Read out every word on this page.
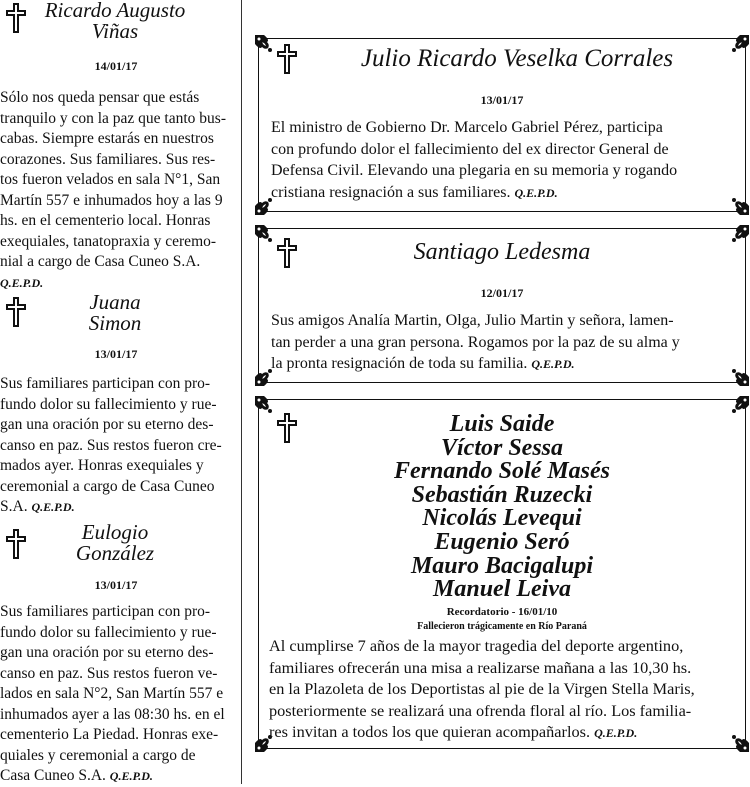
Ricardo Augusto
Viñas
14/01/17
Sólo nos queda pensar que estás
tranquilo y con la paz que tanto bus-
cabas. Siempre estarás en nuestros
corazones. Sus familiares. Sus res-
tos fueron velados en sala N°1, San
Martín 557 e inhumados hoy a las 9
hs. en el cementerio local. Honras
exequiales, tanatopraxia y ceremo-
nial a cargo de Casa Cuneo S.A.
Q.E.P.D.
Juana
Simon
13/01/17
Sus familiares participan con pro-
fundo dolor su fallecimiento y rue-
gan una oración por su eterno des-
canso en paz. Sus restos fueron cre-
mados ayer. Honras exequiales y
ceremonial a cargo de Casa Cuneo
S.A. Q.E.P.D.
Eulogio
González
13/01/17
Sus familiares participan con pro-
fundo dolor su fallecimiento y rue-
gan una oración por su eterno des-
canso en paz. Sus restos fueron ve-
lados en sala N°2, San Martín 557 e
inhumados ayer a las 08:30 hs. en el
cementerio La Piedad. Honras exe-
quiales y ceremonial a cargo de
Casa Cuneo S.A. Q.E.P.D.
Julio Ricardo Veselka Corrales
13/01/17
El ministro de Gobierno Dr. Marcelo Gabriel Pérez, participa
con profundo dolor el fallecimiento del ex director General de
Defensa Civil. Elevando una plegaria en su memoria y rogando
cristiana resignación a sus familiares. Q.E.P.D.
Santiago Ledesma
12/01/17
Sus amigos Analía Martin, Olga, Julio Martin y señora, lamen-
tan perder a una gran persona. Rogamos por la paz de su alma y
la pronta resignación de toda su familia. Q.E.P.D.
Luis Saide
Víctor Sessa
Fernando Solé Masés
Sebastián Ruzecki
Nicolás Levequi
Eugenio Seró
Mauro Bacigalupi
Manuel Leiva
Recordatorio - 16/01/10
Fallecieron trágicamente en Río Paraná
Al cumplirse 7 años de la mayor tragedia del deporte argentino,
familiares ofrecerán una misa a realizarse mañana a las 10,30 hs.
en la Plazoleta de los Deportistas al pie de la Virgen Stella Maris,
posteriormente se realizará una ofrenda floral al río. Los familia-
res invitan a todos los que quieran acompañarlos. Q.E.P.D.
